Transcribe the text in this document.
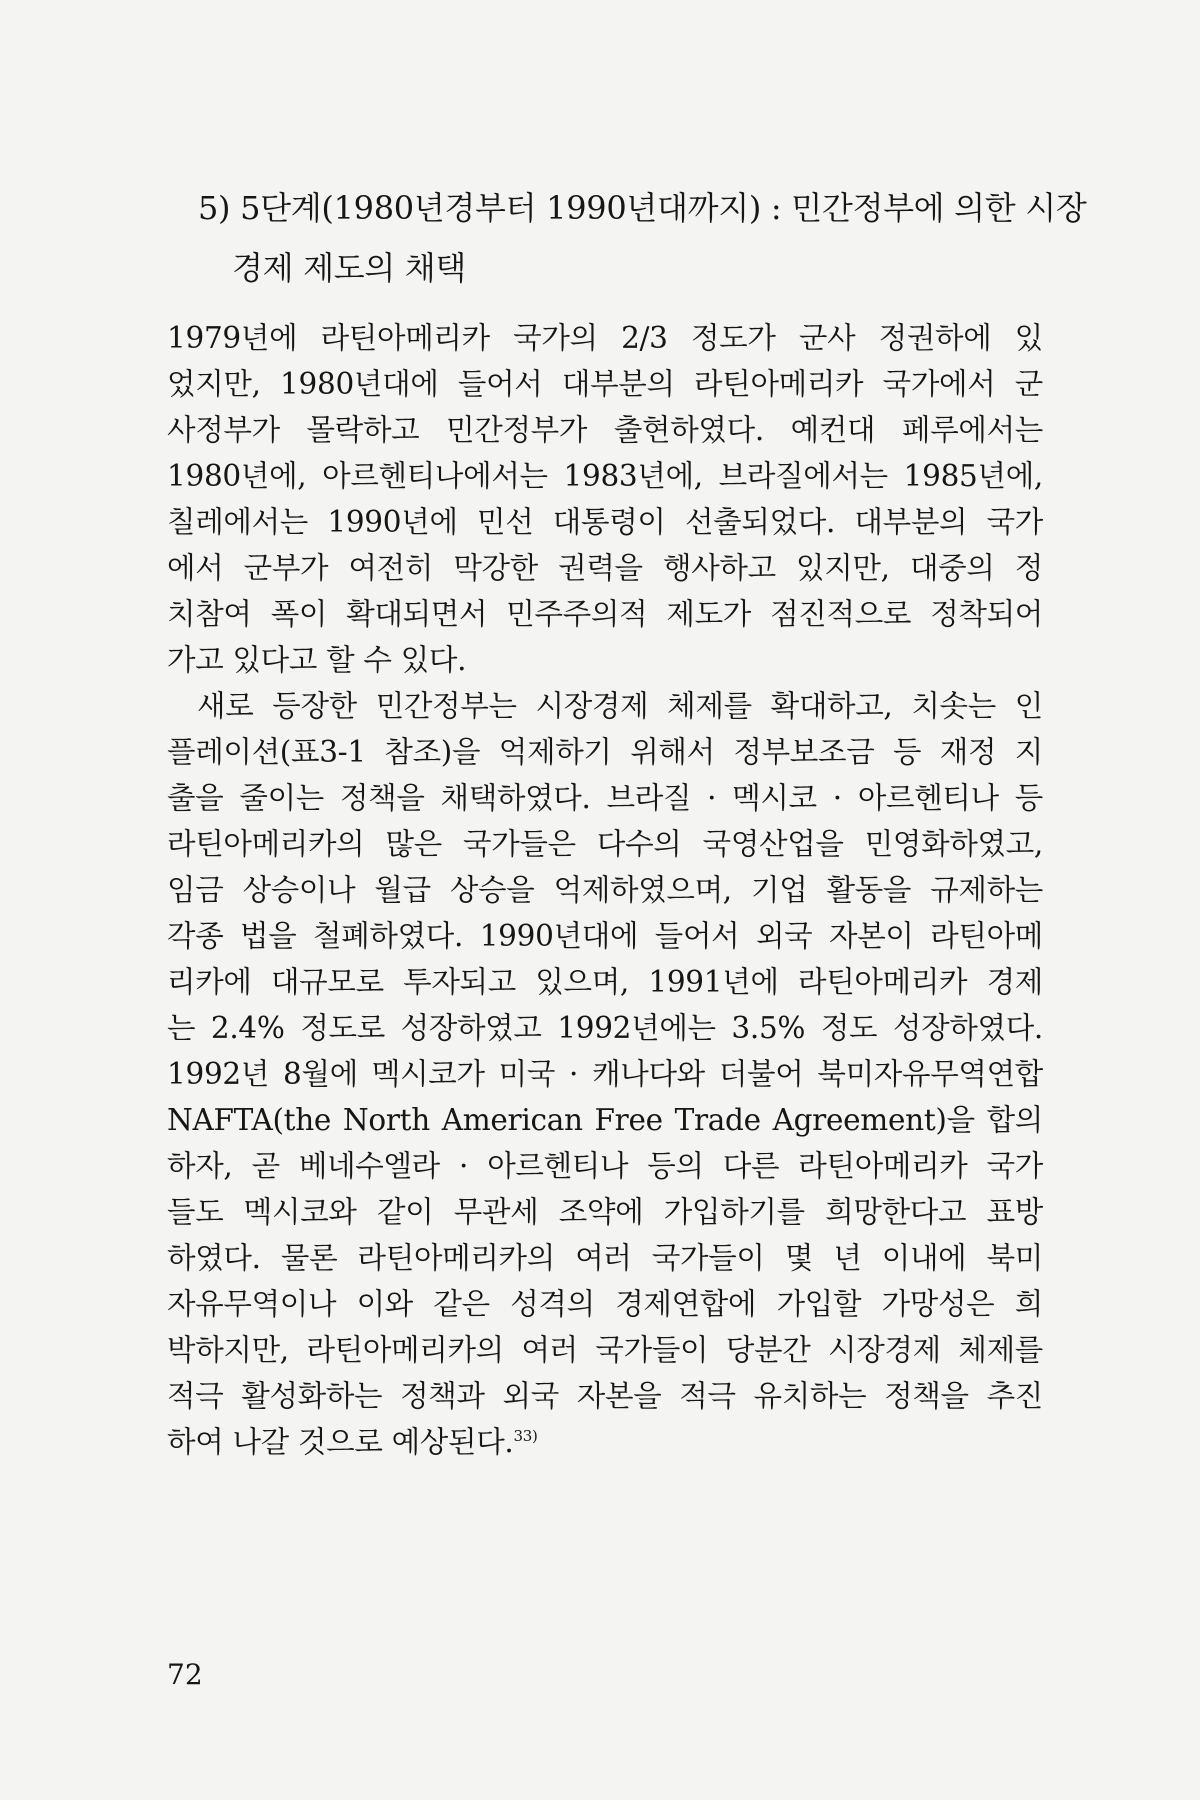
5) 5단계(1980년경부터 1990년대까지) : 민간정부에 의한 시장
경제 제도의 채택
1979년에 라틴아메리카 국가의 2/3 정도가 군사 정권하에 있
었지만, 1980년대에 들어서 대부분의 라틴아메리카 국가에서 군
사정부가 몰락하고 민간정부가 출현하였다. 예컨대 페루에서는
1980년에, 아르헨티나에서는 1983년에, 브라질에서는 1985년에,
칠레에서는 1990년에 민선 대통령이 선출되었다. 대부분의 국가
에서 군부가 여전히 막강한 권력을 행사하고 있지만, 대중의 정
치참여 폭이 확대되면서 민주주의적 제도가 점진적으로 정착되어
가고 있다고 할 수 있다.
새로 등장한 민간정부는 시장경제 체제를 확대하고, 치솟는 인
플레이션(표3-1 참조)을 억제하기 위해서 정부보조금 등 재정 지
출을 줄이는 정책을 채택하였다. 브라질 · 멕시코 · 아르헨티나 등
라틴아메리카의 많은 국가들은 다수의 국영산업을 민영화하였고,
임금 상승이나 월급 상승을 억제하였으며, 기업 활동을 규제하는
각종 법을 철폐하였다. 1990년대에 들어서 외국 자본이 라틴아메
리카에 대규모로 투자되고 있으며, 1991년에 라틴아메리카 경제
는 2.4% 정도로 성장하였고 1992년에는 3.5% 정도 성장하였다.
1992년 8월에 멕시코가 미국 · 캐나다와 더불어 북미자유무역연합
NAFTA(the North American Free Trade Agreement)을 합의
하자, 곧 베네수엘라 · 아르헨티나 등의 다른 라틴아메리카 국가
들도 멕시코와 같이 무관세 조약에 가입하기를 희망한다고 표방
하였다. 물론 라틴아메리카의 여러 국가들이 몇 년 이내에 북미
자유무역이나 이와 같은 성격의 경제연합에 가입할 가망성은 희
박하지만, 라틴아메리카의 여러 국가들이 당분간 시장경제 체제를
적극 활성화하는 정책과 외국 자본을 적극 유치하는 정책을 추진
하여 나갈 것으로 예상된다.$^{33)}$
72
